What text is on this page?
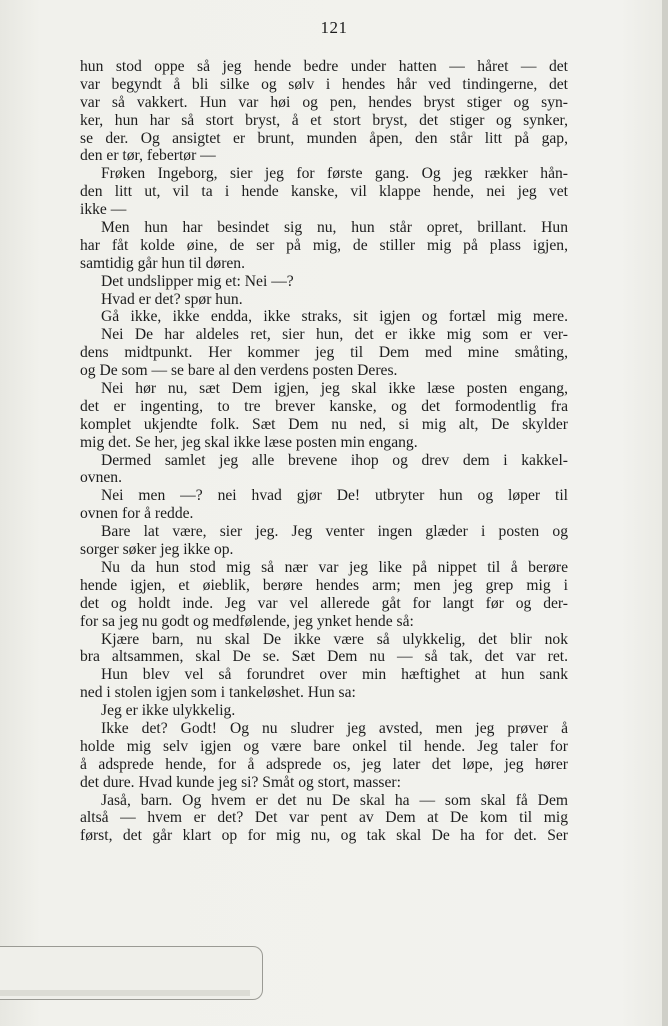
121
hun stod oppe så jeg hende bedre under hatten — håret — det
var begyndt å bli silke og sølv i hendes hår ved tindingerne, det
var så vakkert. Hun var høi og pen, hendes bryst stiger og syn-
ker, hun har så stort bryst, å et stort bryst, det stiger og synker,
se der. Og ansigtet er brunt, munden åpen, den står litt på gap,
den er tør, febertør —
Frøken Ingeborg, sier jeg for første gang. Og jeg rækker hån-
den litt ut, vil ta i hende kanske, vil klappe hende, nei jeg vet
ikke —
Men hun har besindet sig nu, hun står opret, brillant. Hun
har fåt kolde øine, de ser på mig, de stiller mig på plass igjen,
samtidig går hun til døren.
Det undslipper mig et: Nei —?
Hvad er det? spør hun.
Gå ikke, ikke endda, ikke straks, sit igjen og fortæl mig mere.
Nei De har aldeles ret, sier hun, det er ikke mig som er ver-
dens midtpunkt. Her kommer jeg til Dem med mine småting,
og De som — se bare al den verdens posten Deres.
Nei hør nu, sæt Dem igjen, jeg skal ikke læse posten engang,
det er ingenting, to tre brever kanske, og det formodentlig fra
komplet ukjendte folk. Sæt Dem nu ned, si mig alt, De skylder
mig det. Se her, jeg skal ikke læse posten min engang.
Dermed samlet jeg alle brevene ihop og drev dem i kakkel-
ovnen.
Nei men —? nei hvad gjør De! utbryter hun og løper til
ovnen for å redde.
Bare lat være, sier jeg. Jeg venter ingen glæder i posten og
sorger søker jeg ikke op.
Nu da hun stod mig så nær var jeg like på nippet til å berøre
hende igjen, et øieblik, berøre hendes arm; men jeg grep mig i
det og holdt inde. Jeg var vel allerede gåt for langt før og der-
for sa jeg nu godt og medfølende, jeg ynket hende så:
Kjære barn, nu skal De ikke være så ulykkelig, det blir nok
bra altsammen, skal De se. Sæt Dem nu — så tak, det var ret.
Hun blev vel så forundret over min hæftighet at hun sank
ned i stolen igjen som i tankeløshet. Hun sa:
Jeg er ikke ulykkelig.
Ikke det? Godt! Og nu sludrer jeg avsted, men jeg prøver å
holde mig selv igjen og være bare onkel til hende. Jeg taler for
å adsprede hende, for å adsprede os, jeg later det løpe, jeg hører
det dure. Hvad kunde jeg si? Småt og stort, masser:
Jaså, barn. Og hvem er det nu De skal ha — som skal få Dem
altså — hvem er det? Det var pent av Dem at De kom til mig
først, det går klart op for mig nu, og tak skal De ha for det. Ser
